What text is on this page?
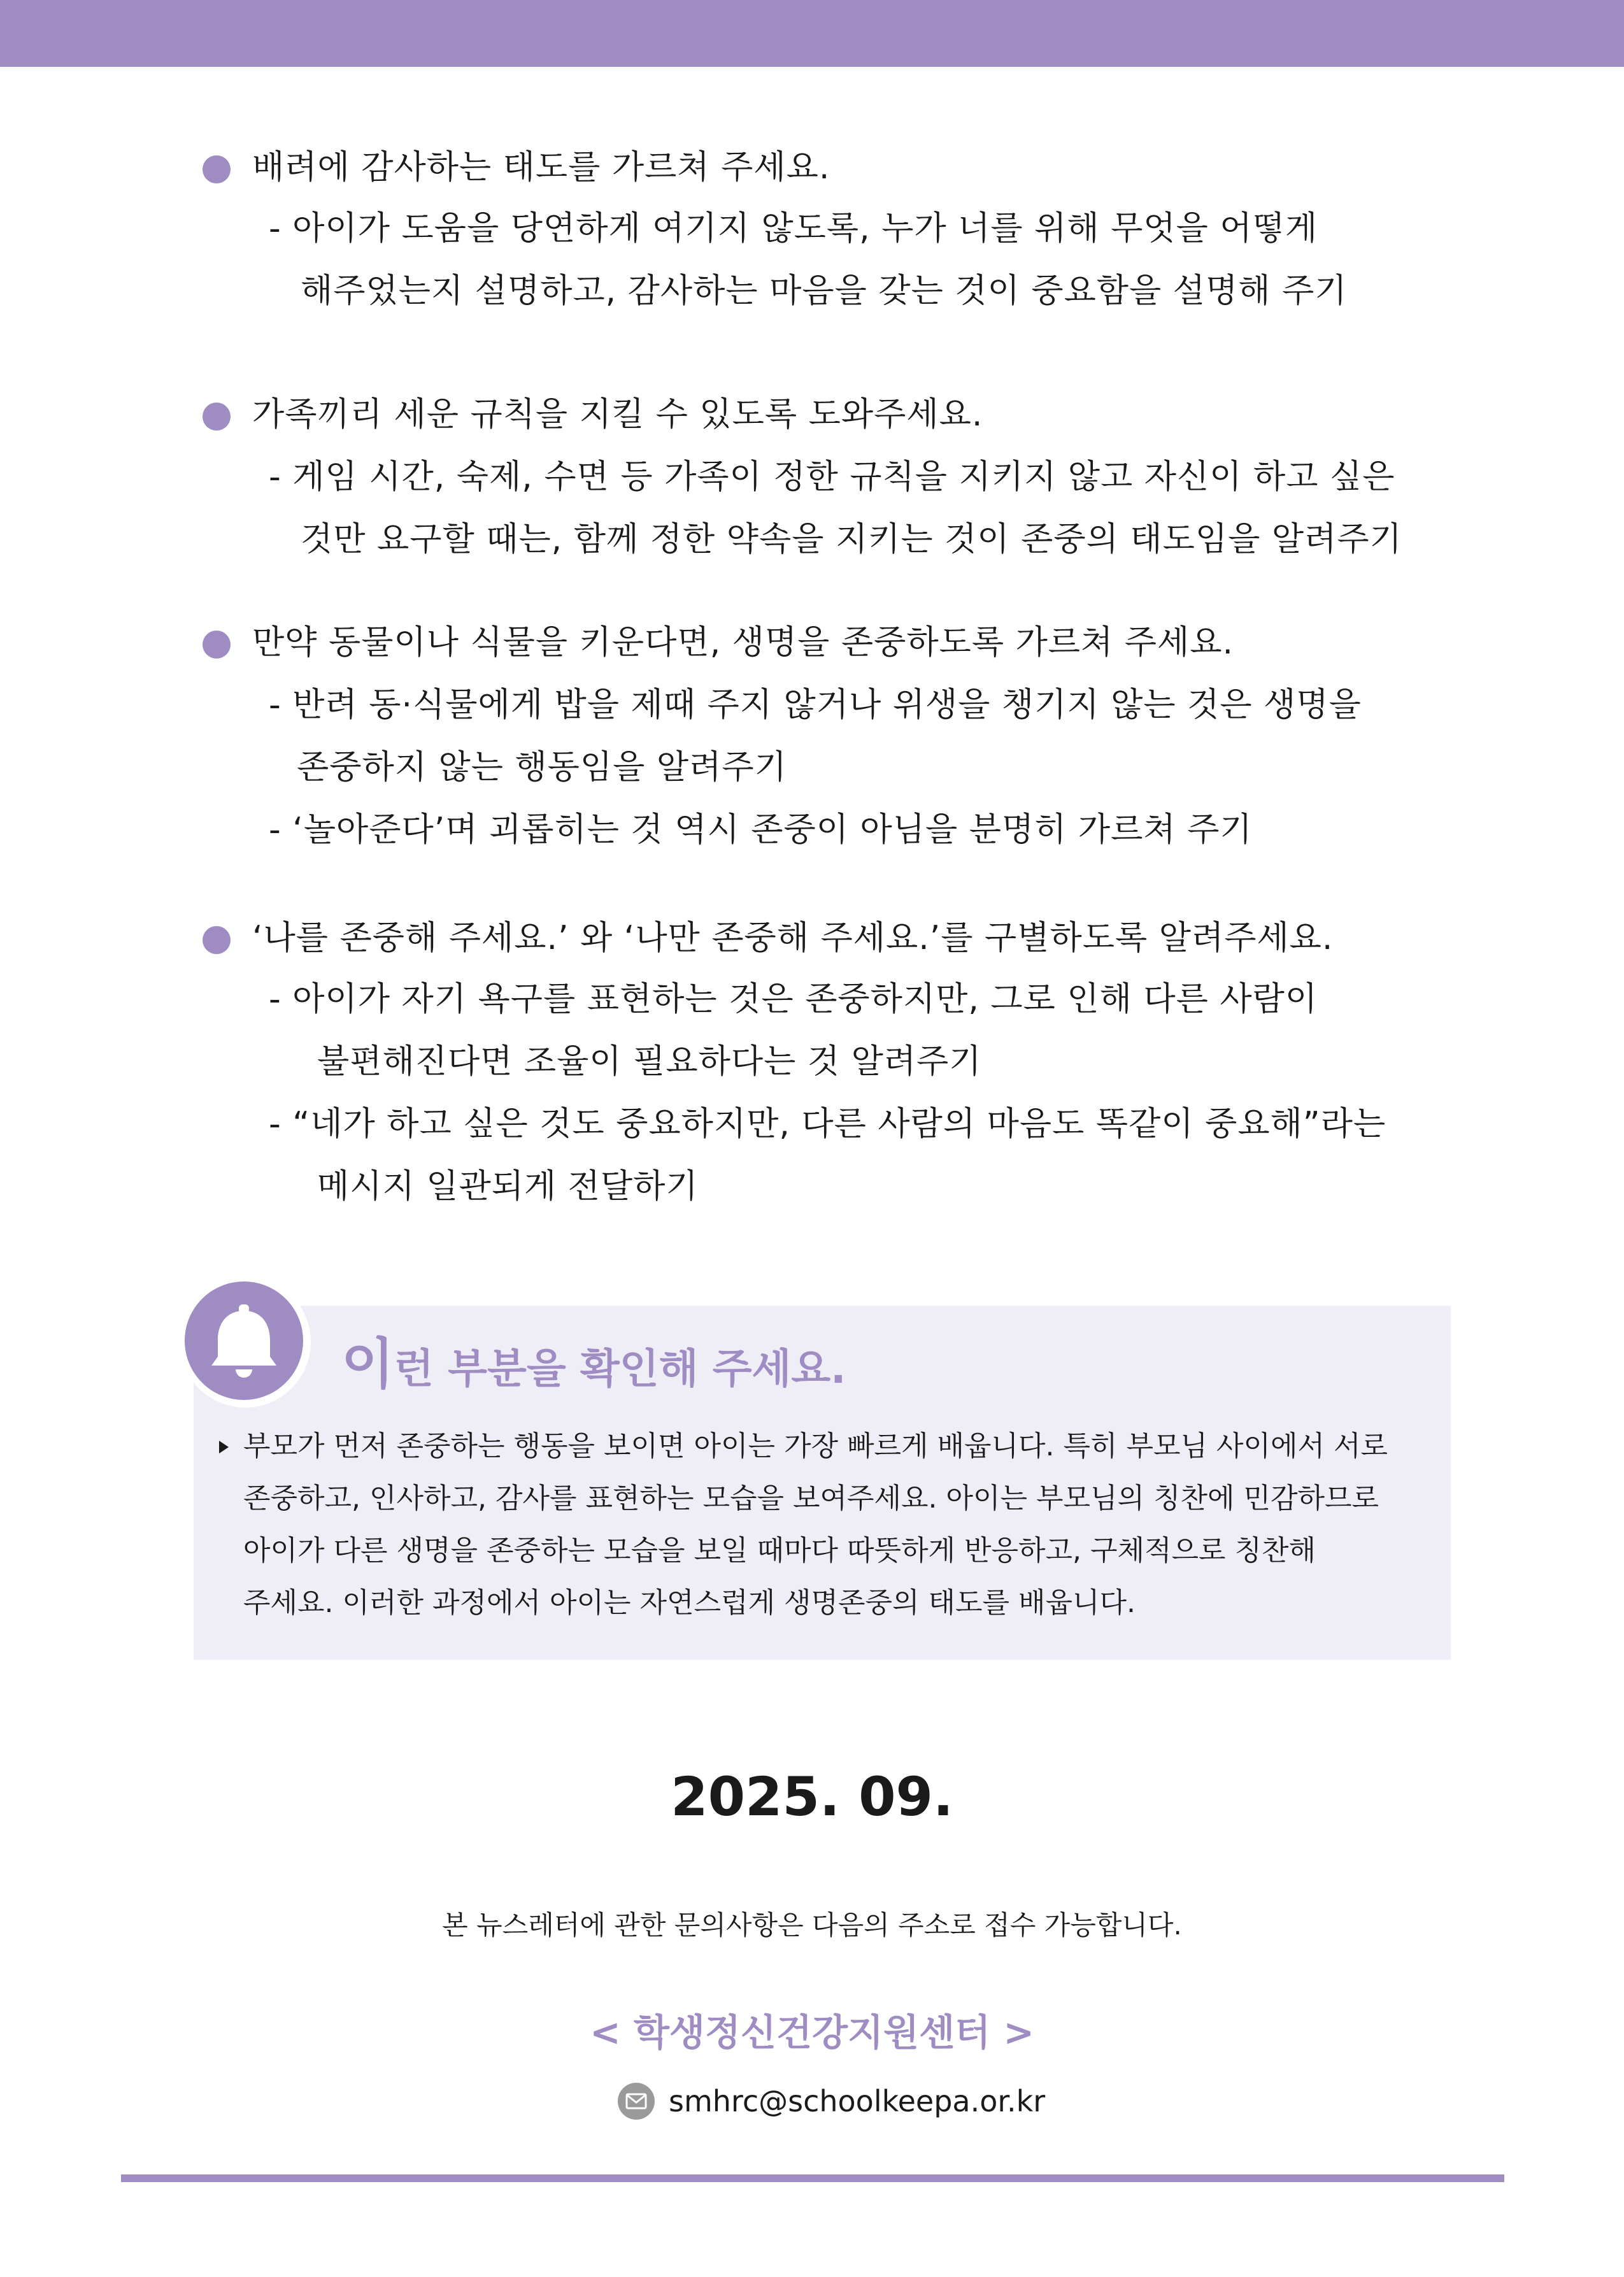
배려에 감사하는 태도를 가르쳐 주세요.
- 아이가 도움을 당연하게 여기지 않도록, 누가 너를 위해 무엇을 어떻게
해주었는지 설명하고, 감사하는 마음을 갖는 것이 중요함을 설명해 주기
가족끼리 세운 규칙을 지킬 수 있도록 도와주세요.
- 게임 시간, 숙제, 수면 등 가족이 정한 규칙을 지키지 않고 자신이 하고 싶은
것만 요구할 때는, 함께 정한 약속을 지키는 것이 존중의 태도임을 알려주기
만약 동물이나 식물을 키운다면, 생명을 존중하도록 가르쳐 주세요.
- 반려 동·식물에게 밥을 제때 주지 않거나 위생을 챙기지 않는 것은 생명을
존중하지 않는 행동임을 알려주기
- ‘놀아준다’며 괴롭히는 것 역시 존중이 아님을 분명히 가르쳐 주기
‘나를 존중해 주세요.’ 와 ‘나만 존중해 주세요.’를 구별하도록 알려주세요.
- 아이가 자기 욕구를 표현하는 것은 존중하지만, 그로 인해 다른 사람이
불편해진다면 조율이 필요하다는 것 알려주기
- “네가 하고 싶은 것도 중요하지만, 다른 사람의 마음도 똑같이 중요해”라는
메시지 일관되게 전달하기
이런 부분을 확인해 주세요.
부모가 먼저 존중하는 행동을 보이면 아이는 가장 빠르게 배웁니다. 특히 부모님 사이에서 서로
존중하고, 인사하고, 감사를 표현하는 모습을 보여주세요. 아이는 부모님의 칭찬에 민감하므로
아이가 다른 생명을 존중하는 모습을 보일 때마다 따뜻하게 반응하고, 구체적으로 칭찬해
주세요. 이러한 과정에서 아이는 자연스럽게 생명존중의 태도를 배웁니다.
2025. 09.
본 뉴스레터에 관한 문의사항은 다음의 주소로 접수 가능합니다.
< 학생정신건강지원센터 >
smhrc@schoolkeepa.or.kr
